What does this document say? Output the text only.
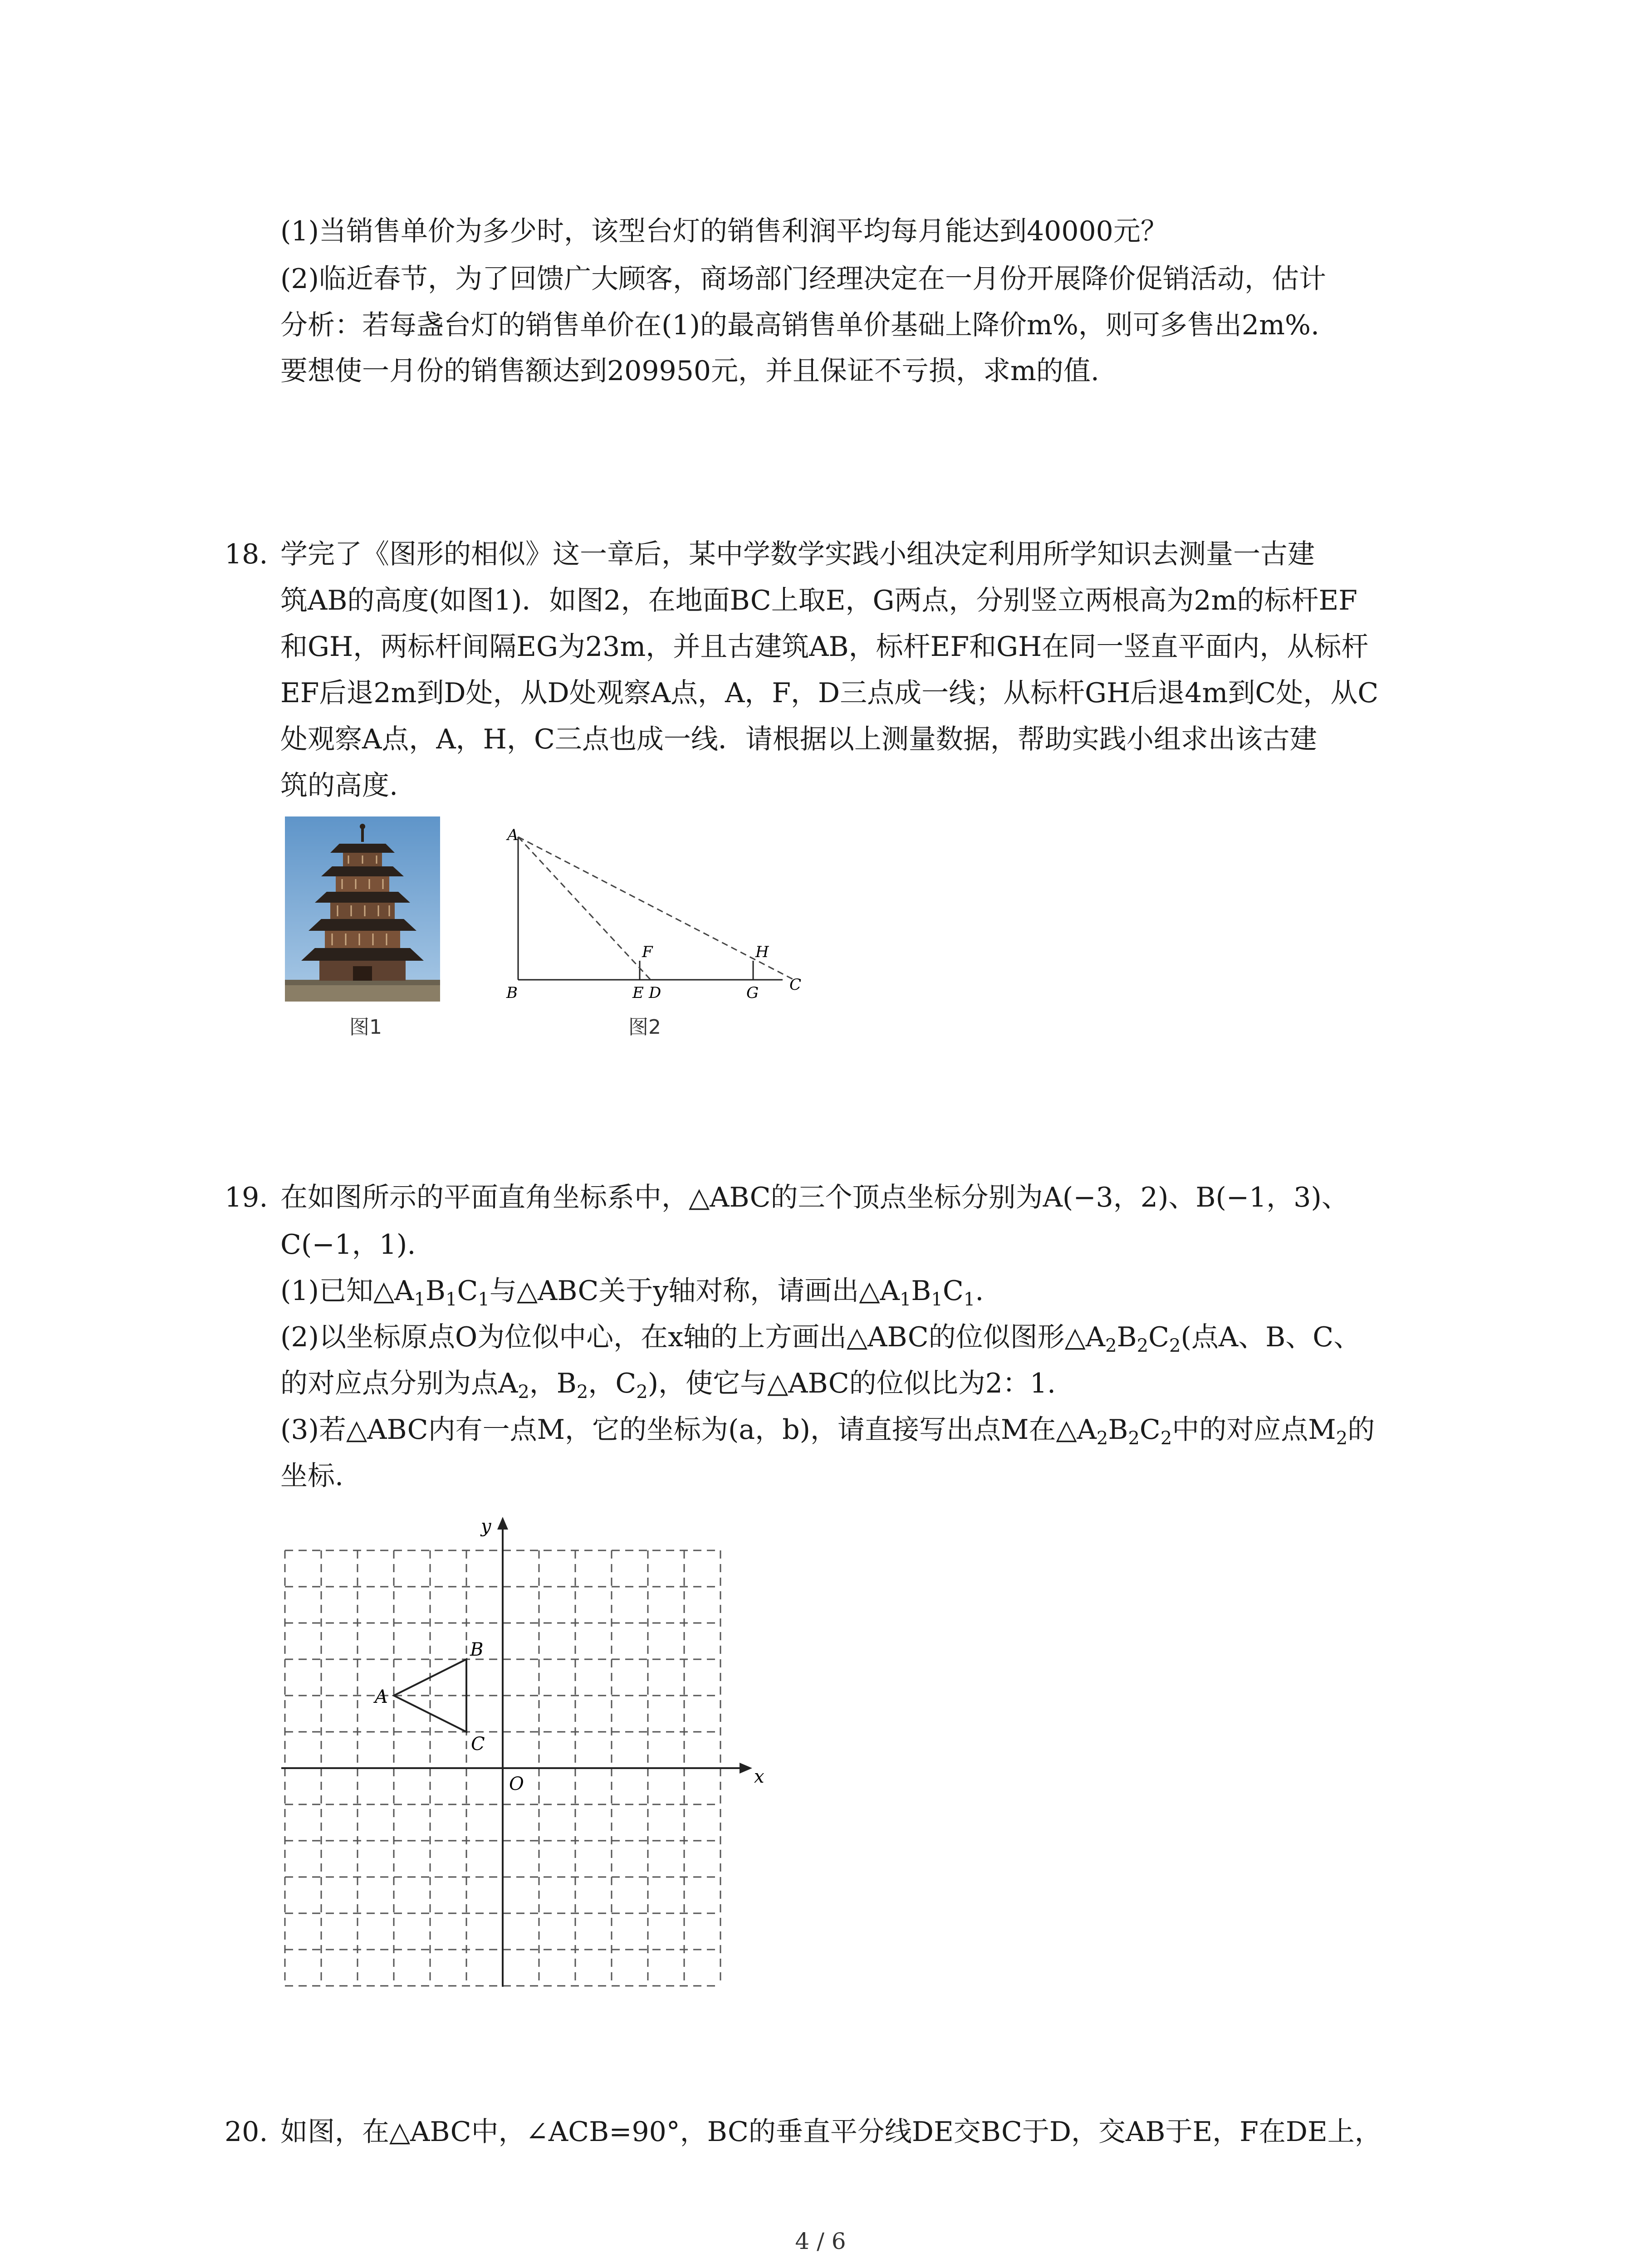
(1)当销售单价为多少时，该型台灯的销售利润平均每月能达到40000元？
(2)临近春节，为了回馈广大顾客，商场部门经理决定在一月份开展降价促销活动，估计
分析：若每盏台灯的销售单价在(1)的最高销售单价基础上降价m%，则可多售出2m%.
要想使一月份的销售额达到209950元，并且保证不亏损，求m的值.
18. 学完了《图形的相似》这一章后，某中学数学实践小组决定利用所学知识去测量一古建
筑AB的高度(如图1)．如图2，在地面BC上取E，G两点，分别竖立两根高为2m的标杆EF
和GH，两标杆间隔EG为23m，并且古建筑AB，标杆EF和GH在同一竖直平面内，从标杆
EF后退2m到D处，从D处观察A点，A，F，D三点成一线；从标杆GH后退4m到C处，从C
处观察A点，A，H，C三点也成一线．请根据以上测量数据，帮助实践小组求出该古建
筑的高度.
图1
A
B
F
E D
H
G C
图2
19. 在如图所示的平面直角坐标系中，△ABC的三个顶点坐标分别为A(−3，2)、B(−1，3)、
C(−1，1).
(1)已知$\triangle A_1B_1C_1$与△ABC关于y轴对称，请画出$\triangle A_1B_1C_1$.
(2)以坐标原点O为位似中心，在x轴的上方画出△ABC的位似图形$\triangle A_2B_2C_2$(点A、B、C、
的对应点分别为点$A_2$，$B_2$，$C_2$)，使它与△ABC的位似比为2：1.
(3)若△ABC内有一点M，它的坐标为(a，b)，请直接写出点M在$\triangle A_2B_2C_2$中的对应点$M_2$的
坐标.
x
y
O
A
B
C
20. 如图，在△ABC中，∠ACB=90°，BC的垂直平分线DE交BC于D，交AB于E，F在DE上，
4 / 6
